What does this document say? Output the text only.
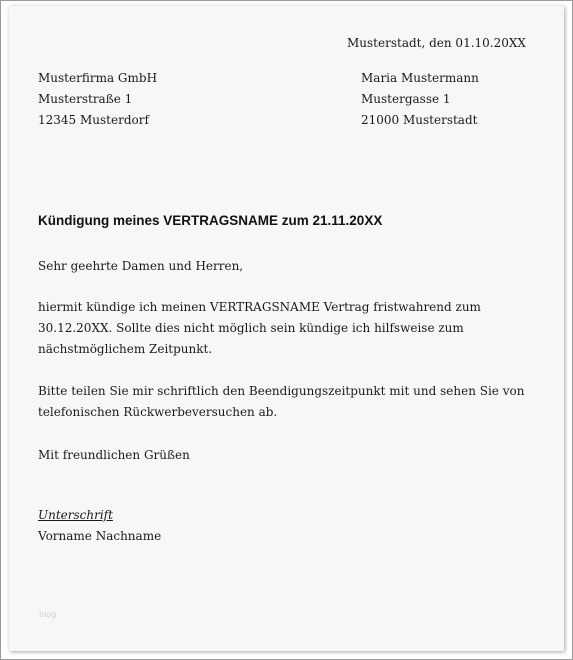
Musterstadt, den 01.10.20XX
Musterfirma GmbH
Musterstraße 1
12345 Musterdorf
Maria Mustermann
Mustergasse 1
21000 Musterstadt
Kündigung meines VERTRAGSNAME zum 21.11.20XX
Sehr geehrte Damen und Herren,
hiermit kündige ich meinen VERTRAGSNAME Vertrag fristwahrend zum
30.12.20XX. Sollte dies nicht möglich sein kündige ich hilfsweise zum
nächstmöglichem Zeitpunkt.
Bitte teilen Sie mir schriftlich den Beendigungszeitpunkt mit und sehen Sie von
telefonischen Rückwerbeversuchen ab.
Mit freundlichen Grüßen
Unterschrift
Vorname Nachname
blog
